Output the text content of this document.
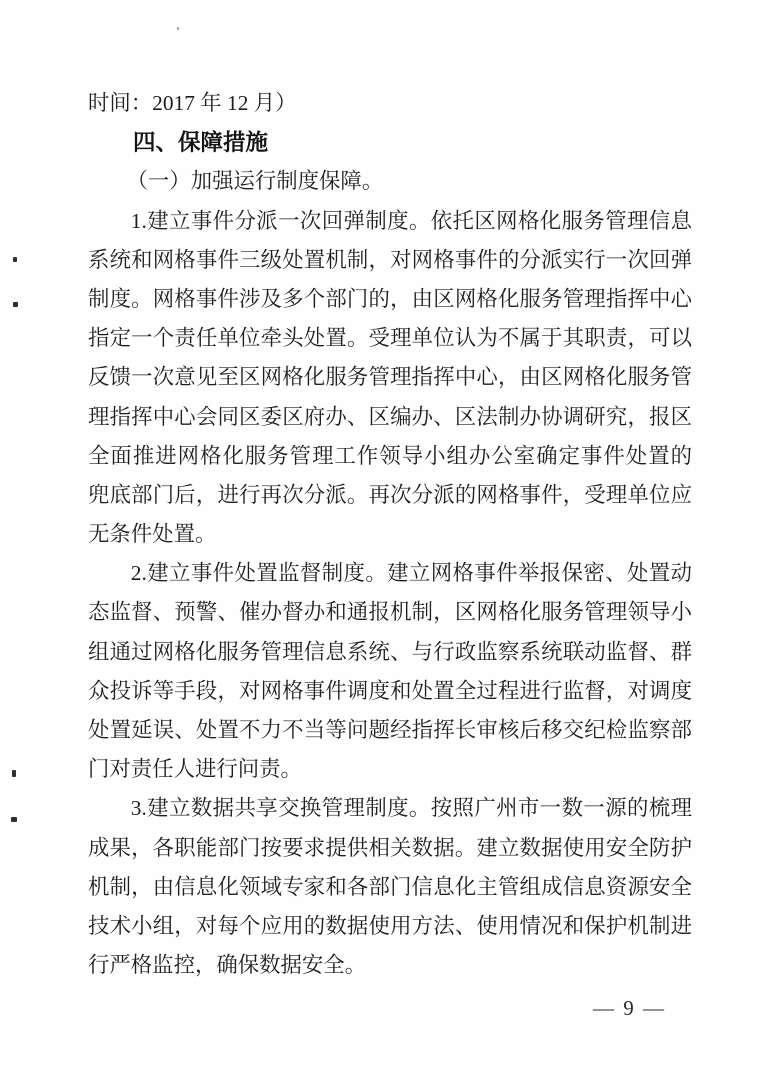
时间：2017 年 12 月）
四、保障措施
（一）加强运行制度保障。
1.建立事件分派一次回弹制度。依托区网格化服务管理信息
系统和网格事件三级处置机制，对网格事件的分派实行一次回弹
制度。网格事件涉及多个部门的，由区网格化服务管理指挥中心
指定一个责任单位牵头处置。受理单位认为不属于其职责，可以
反馈一次意见至区网格化服务管理指挥中心，由区网格化服务管
理指挥中心会同区委区府办、区编办、区法制办协调研究，报区
全面推进网格化服务管理工作领导小组办公室确定事件处置的
兜底部门后，进行再次分派。再次分派的网格事件，受理单位应
无条件处置。
2.建立事件处置监督制度。建立网格事件举报保密、处置动
态监督、预警、催办督办和通报机制，区网格化服务管理领导小
组通过网格化服务管理信息系统、与行政监察系统联动监督、群
众投诉等手段，对网格事件调度和处置全过程进行监督，对调度
处置延误、处置不力不当等问题经指挥长审核后移交纪检监察部
门对责任人进行问责。
3.建立数据共享交换管理制度。按照广州市一数一源的梳理
成果，各职能部门按要求提供相关数据。建立数据使用安全防护
机制，由信息化领域专家和各部门信息化主管组成信息资源安全
技术小组，对每个应用的数据使用方法、使用情况和保护机制进
行严格监控，确保数据安全。
— 9 —
